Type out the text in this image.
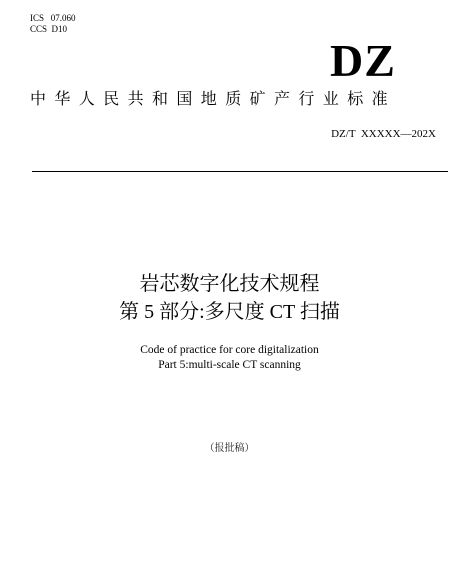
ICS   07.060
CCS  D10
DZ
中华人民共和国地质矿产行业标准
DZ/T  XXXXX—202X
岩芯数字化技术规程
第 5 部分:多尺度 CT 扫描
Code of practice for core digitalization
Part 5:multi-scale CT scanning
（报批稿）
